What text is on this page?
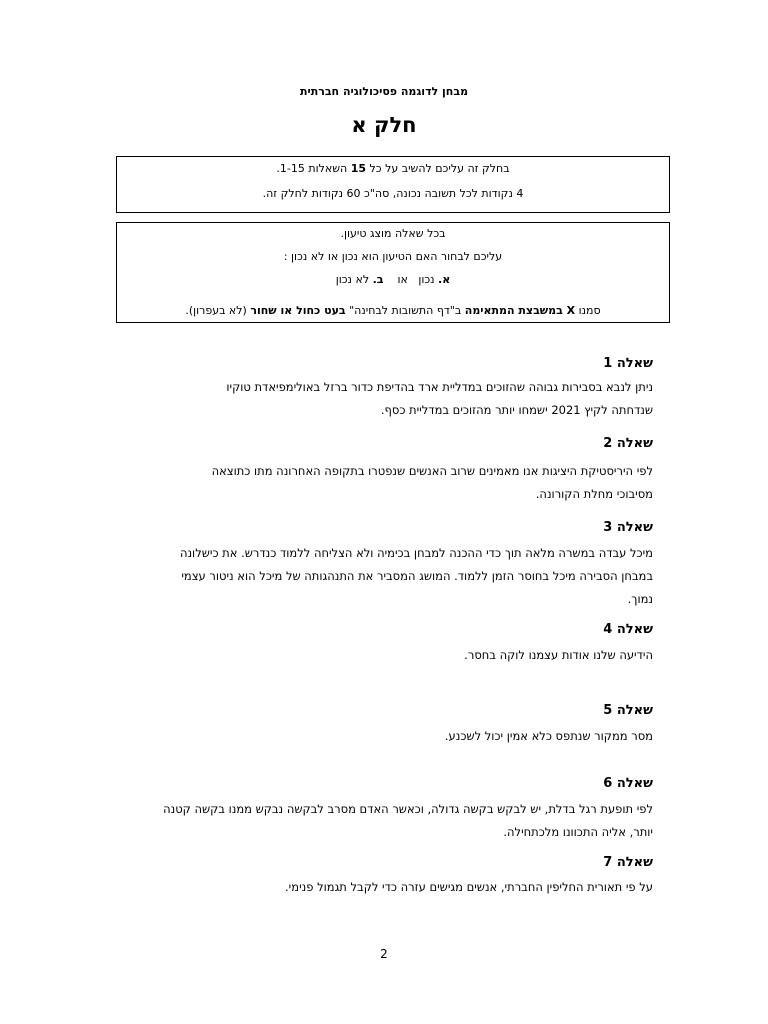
מבחן לדוגמה פסיכולוגיה חברתית
חלק א
בחלק זה עליכם להשיב על כל 15 השאלות 1-15.
4 נקודות לכל תשובה נכונה, סה"כ 60 נקודות לחלק זה.
בכל שאלה מוצג טיעון.
עליכם לבחור האם הטיעון הוא נכון או לא נכון :
א. נכון   או    ב. לא נכון
סמנו X במשבצת המתאימה ב"דף התשובות לבחינה" בעט כחול או שחור (לא בעפרון).
שאלה 1
ניתן לנבא בסבירות גבוהה שהזוכים במדליית ארד בהדיפת כדור ברזל באולימפיאדת טוקיו
שנדחתה לקיץ 2021 ישמחו יותר מהזוכים במדליית כסף.
שאלה 2
לפי היריסטיקת היציגות אנו מאמינים שרוב האנשים שנפטרו בתקופה האחרונה מתו כתוצאה
מסיבוכי מחלת הקורונה.
שאלה 3
מיכל עבדה במשרה מלאה תוך כדי ההכנה למבחן בכימיה ולא הצליחה ללמוד כנדרש. את כישלונה
במבחן הסבירה מיכל בחוסר הזמן ללמוד. המושג המסביר את התנהגותה של מיכל הוא ניטור עצמי
נמוך.
שאלה 4
הידיעה שלנו אודות עצמנו לוקה בחסר.
שאלה 5
מסר ממקור שנתפס כלא אמין יכול לשכנע.
שאלה 6
לפי תופעת רגל בדלת, יש לבקש בקשה גדולה, וכאשר האדם מסרב לבקשה נבקש ממנו בקשה קטנה
יותר, אליה התכוונו מלכתחילה.
שאלה 7
על פי תאורית החליפין החברתי, אנשים מגישים עזרה כדי לקבל תגמול פנימי.
2
